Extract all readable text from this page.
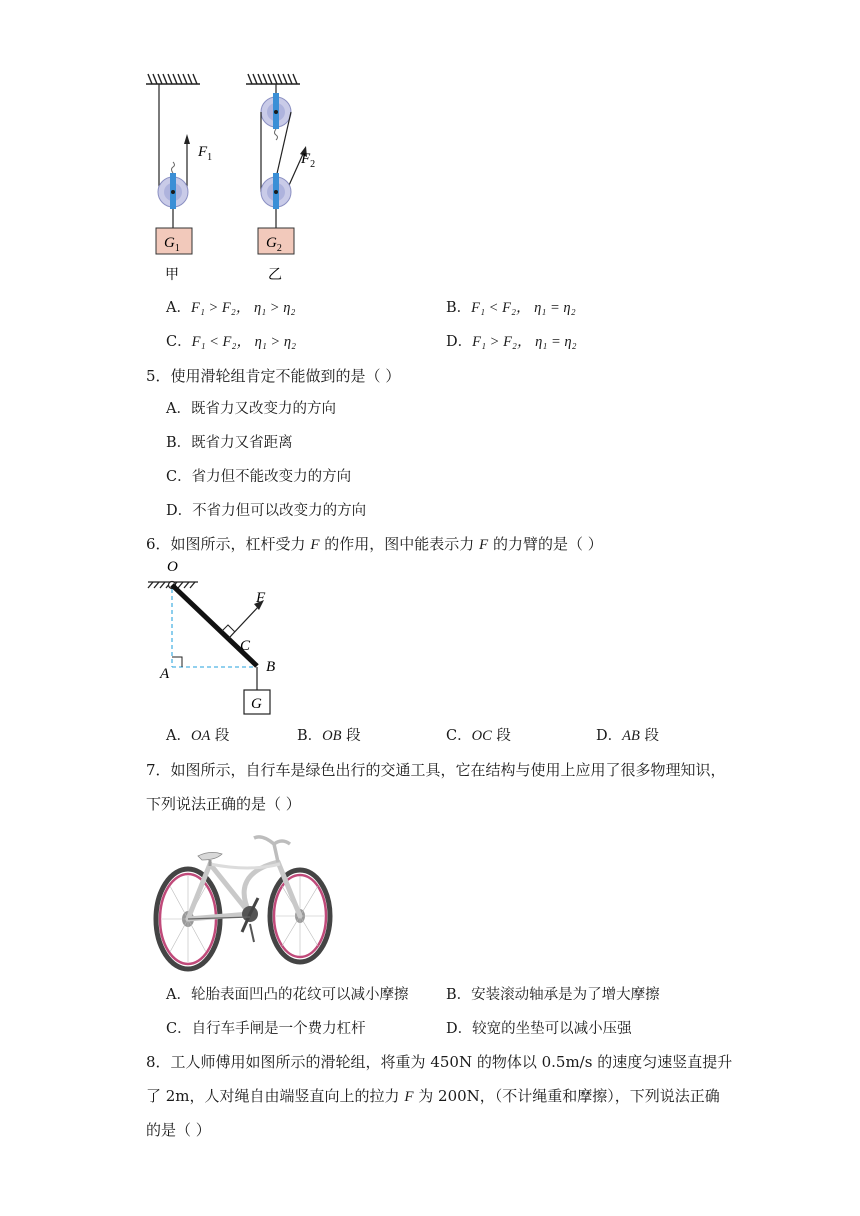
$F_1$
$G_1$
$F_2$
$G_2$
甲	乙
A．F₁ > F₂， η₁ > η₂	B．F₁ < F₂， η₁ = η₂
C．F₁ < F₂， η₁ > η₂	D．F₁ > F₂， η₁ = η₂
5．使用滑轮组肯定不能做到的是（ ）
A．既省力又改变力的方向
B．既省力又省距离
C．省力但不能改变力的方向
D．不省力但可以改变力的方向
6．如图所示，杠杆受力 F 的作用，图中能表示力 F 的力臂的是（ ）
O
F
C
A	B
G
A．OA 段	B．OB 段	C．OC 段	D．AB 段
7．如图所示，自行车是绿色出行的交通工具，它在结构与使用上应用了很多物理知识，
下列说法正确的是（ ）
A．轮胎表面凹凸的花纹可以减小摩擦	B．安装滚动轴承是为了增大摩擦
C．自行车手闸是一个费力杠杆	D．较宽的坐垫可以减小压强
8．工人师傅用如图所示的滑轮组，将重为 450N 的物体以 0.5m/s 的速度匀速竖直提升
了 2m，人对绳自由端竖直向上的拉力 F 为 200N，（不计绳重和摩擦），下列说法正确
的是（ ）
